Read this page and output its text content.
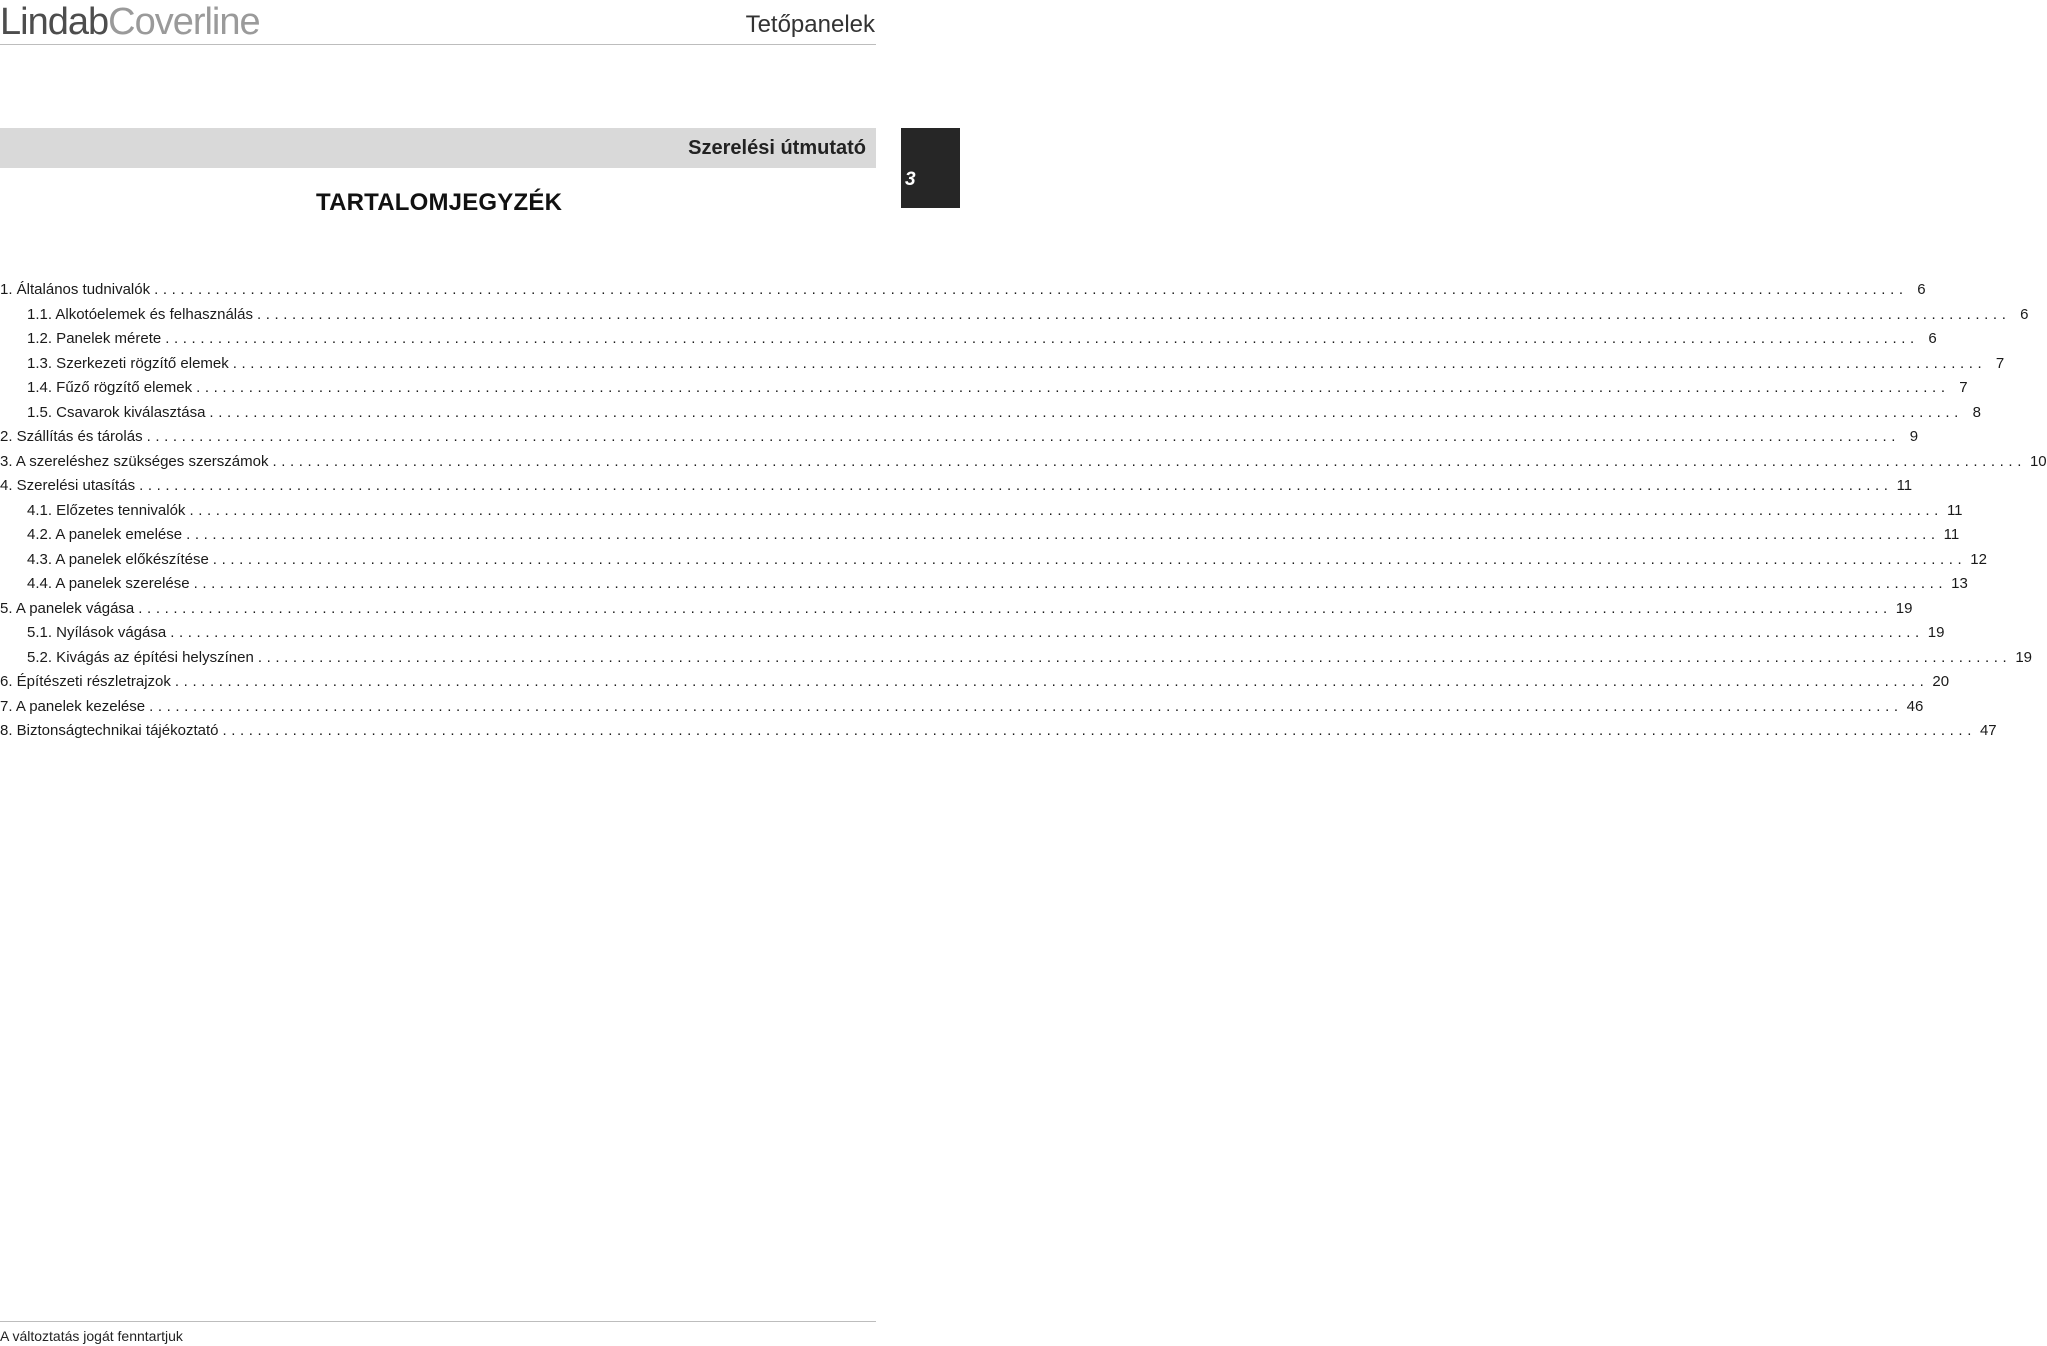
LindabCoverline	Tetőpanelek
Szerelési útmutató
3
TARTALOMJEGYZÉK
1. Általános tudnivalók ........................................................................................................................................................................................................ 6
1.1. Alkotóelemek és felhasználás ........................................................................................................................................................................................................ 6
1.2. Panelek mérete ........................................................................................................................................................................................................ 6
1.3. Szerkezeti rögzítő elemek ........................................................................................................................................................................................................ 7
1.4. Fűző rögzítő elemek ........................................................................................................................................................................................................ 7
1.5. Csavarok kiválasztása ........................................................................................................................................................................................................ 8
2. Szállítás és tárolás ........................................................................................................................................................................................................ 9
3. A szereléshez szükséges szerszámok ........................................................................................................................................................................................................ 10
4. Szerelési utasítás ........................................................................................................................................................................................................ 11
4.1. Előzetes tennivalók ........................................................................................................................................................................................................ 11
4.2. A panelek emelése ........................................................................................................................................................................................................ 11
4.3. A panelek előkészítése ........................................................................................................................................................................................................ 12
4.4. A panelek szerelése ........................................................................................................................................................................................................ 13
5. A panelek vágása ........................................................................................................................................................................................................ 19
5.1. Nyílások vágása ........................................................................................................................................................................................................ 19
5.2. Kivágás az építési helyszínen ........................................................................................................................................................................................................ 19
6. Építészeti részletrajzok ........................................................................................................................................................................................................ 20
7. A panelek kezelése ........................................................................................................................................................................................................ 46
8. Biztonságtechnikai tájékoztató ........................................................................................................................................................................................................ 47
A változtatás jogát fenntartjuk
